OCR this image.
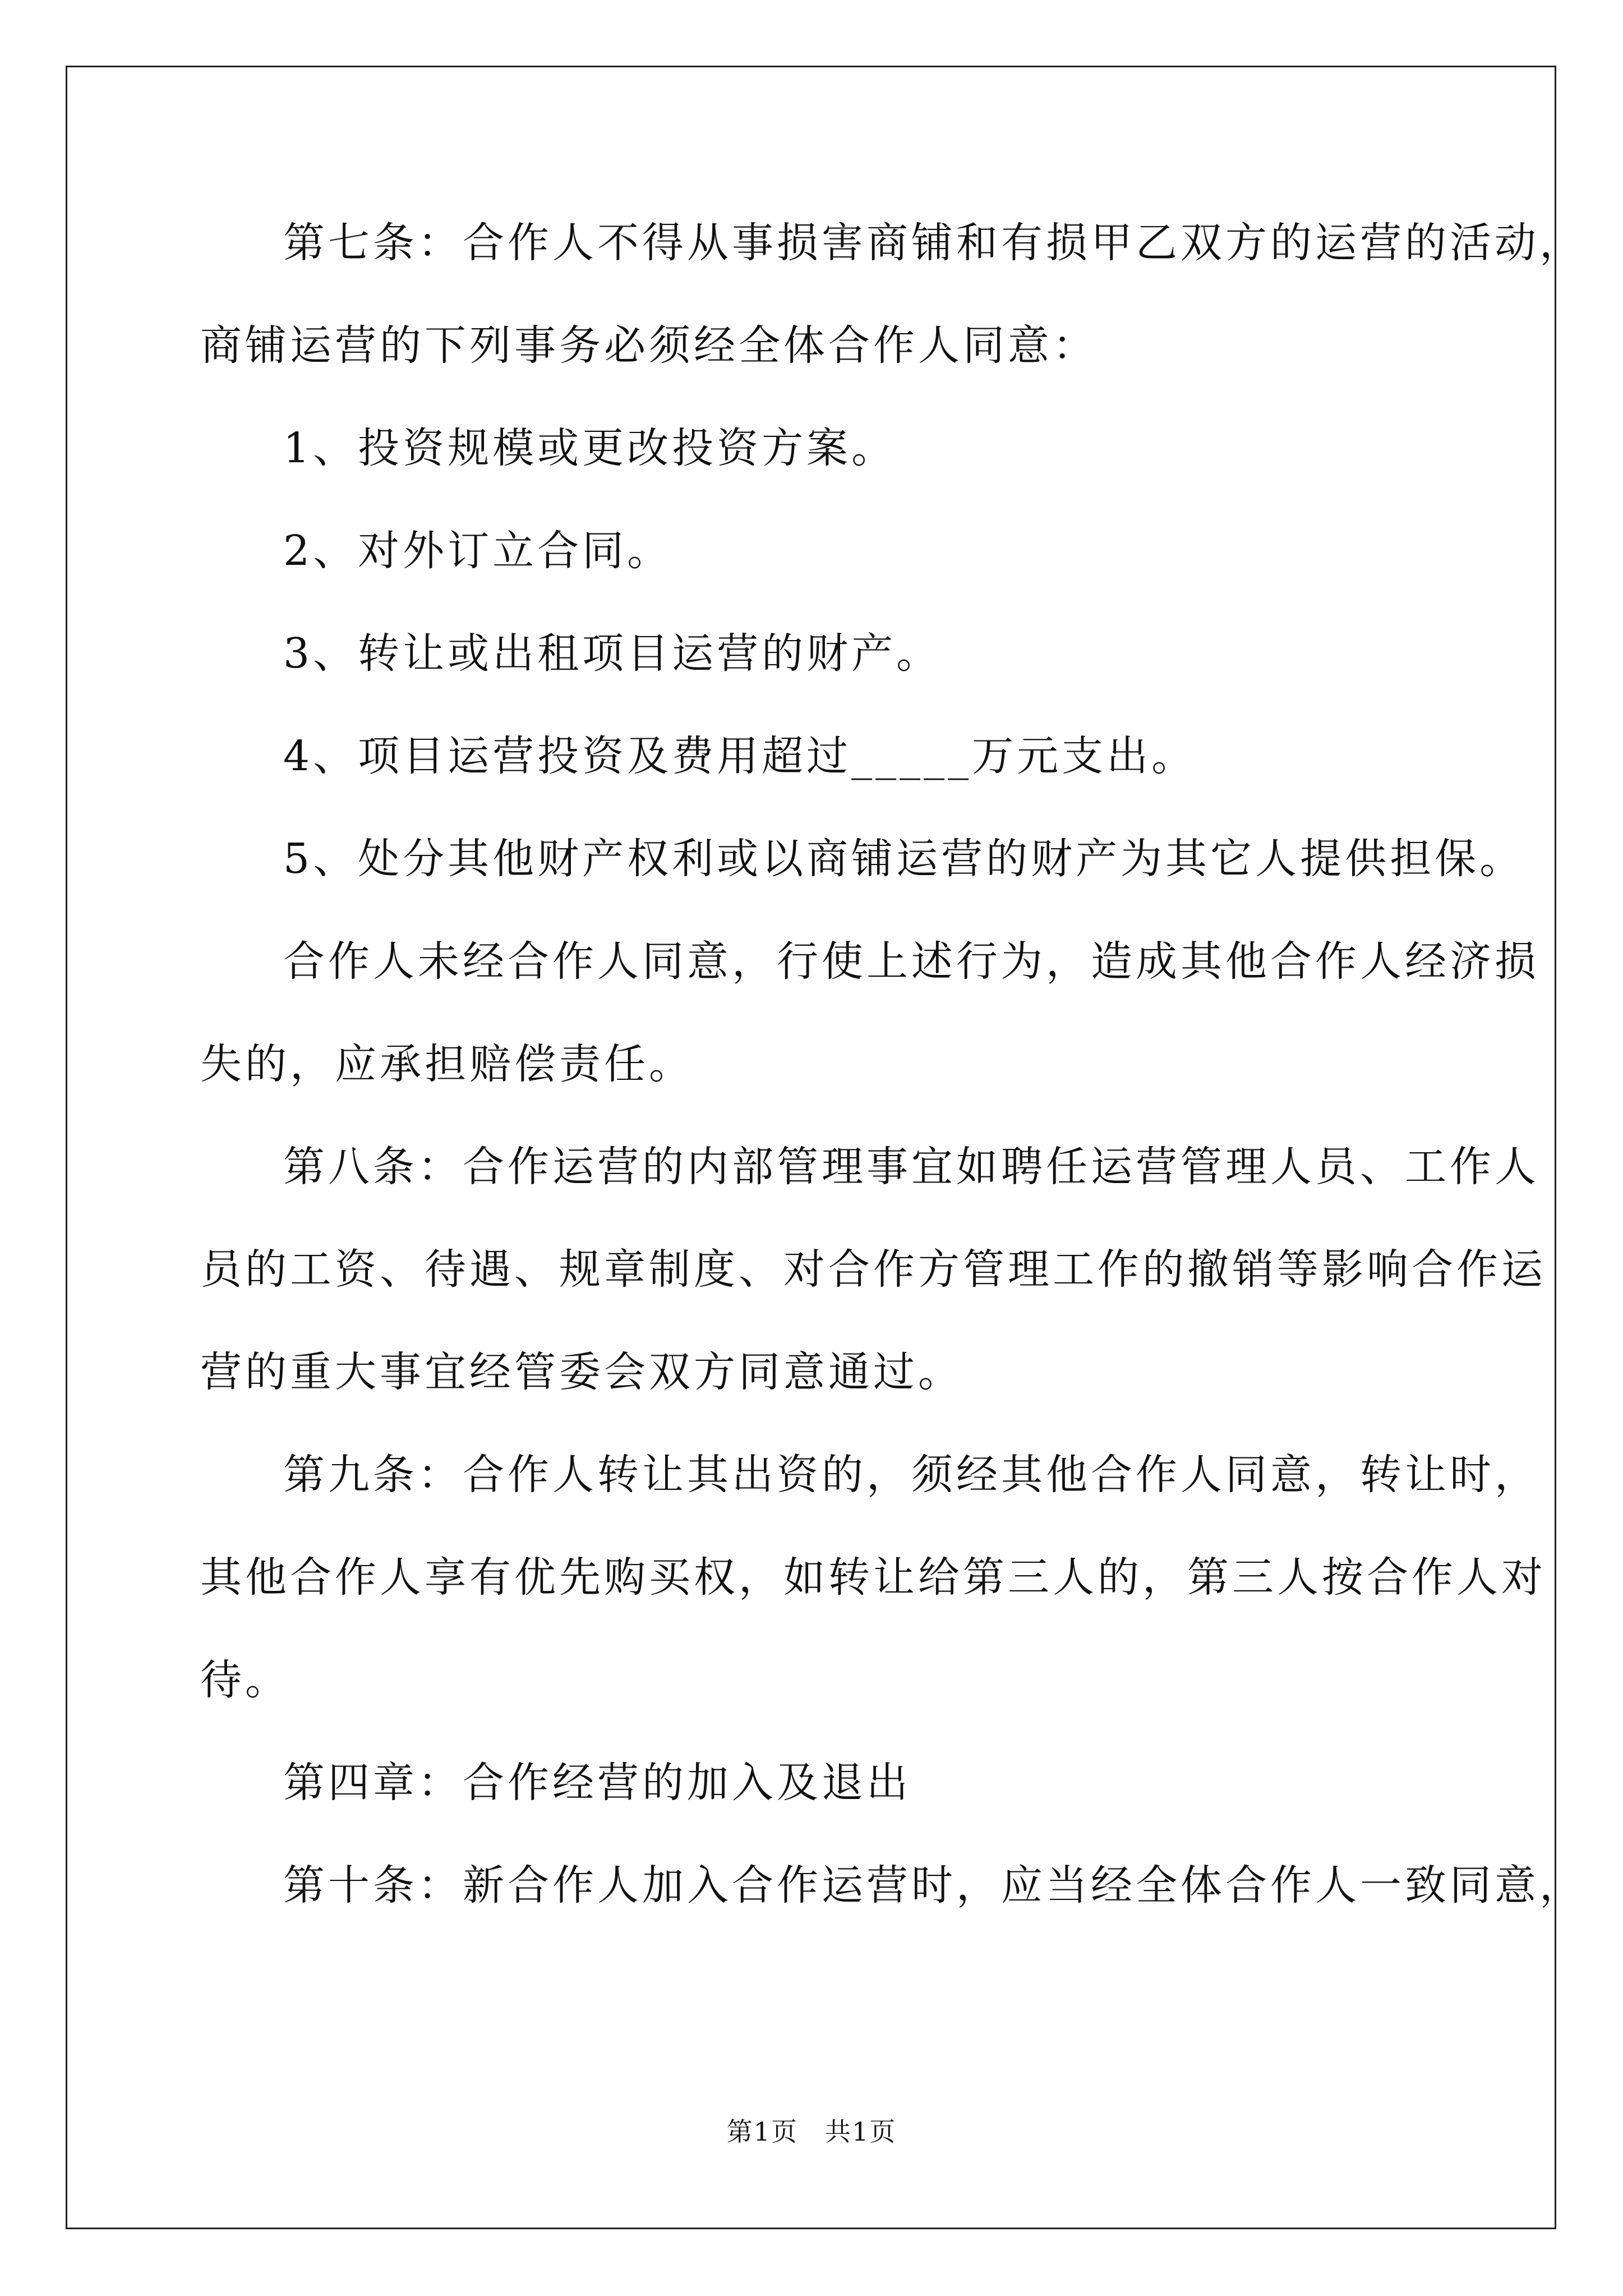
第七条：合作人不得从事损害商铺和有损甲乙双方的运营的活动，
商铺运营的下列事务必须经全体合作人同意：
1、投资规模或更改投资方案。
2、对外订立合同。
3、转让或出租项目运营的财产。
4、项目运营投资及费用超过_____万元支出。
5、处分其他财产权利或以商铺运营的财产为其它人提供担保。
合作人未经合作人同意，行使上述行为，造成其他合作人经济损
失的，应承担赔偿责任。
第八条：合作运营的内部管理事宜如聘任运营管理人员、工作人
员的工资、待遇、规章制度、对合作方管理工作的撤销等影响合作运
营的重大事宜经管委会双方同意通过。
第九条：合作人转让其出资的，须经其他合作人同意，转让时，
其他合作人享有优先购买权，如转让给第三人的，第三人按合作人对
待。
第四章：合作经营的加入及退出
第十条：新合作人加入合作运营时，应当经全体合作人一致同意，
第1页　共1页
